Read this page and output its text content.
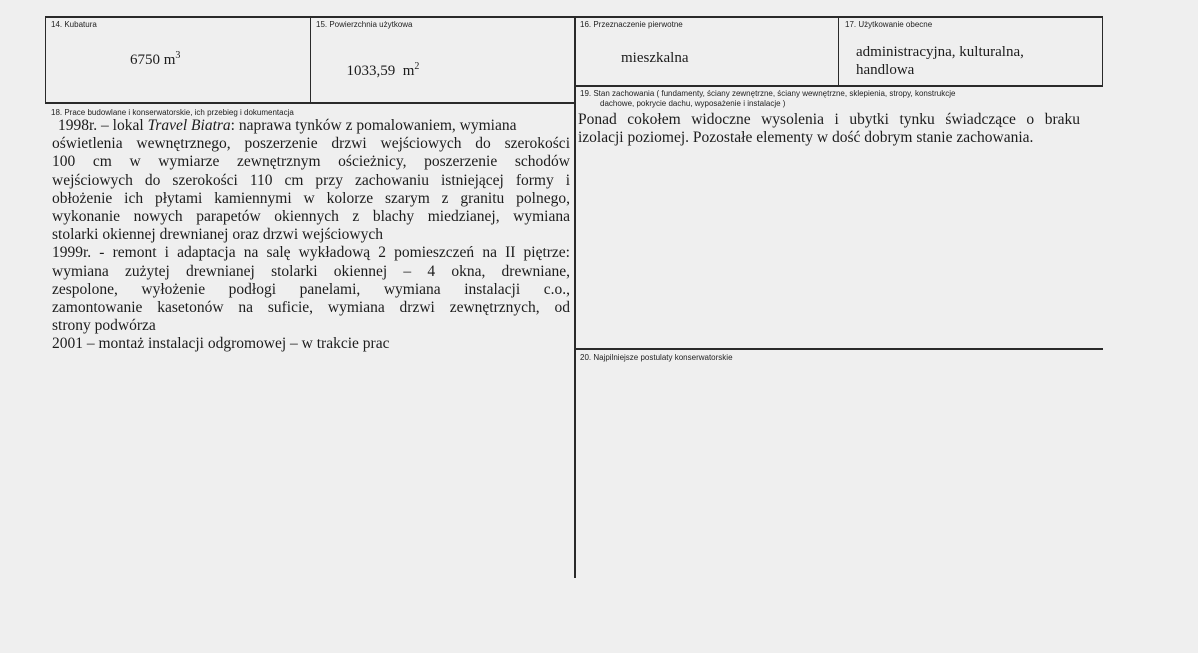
14. Kubatura
6750 $m^3$
15. Powierzchnia użytkowa

1033,59  $m^2$

16. Przeznaczenie pierwotne
mieszkalna
17. Użytkowanie obecne
administracyjna, kulturalna,
handlowa
18. Prace budowlane i konserwatorskie, ich przebieg i dokumentacja
1998r. – lokal Travel Biatra: naprawa tynków z pomalowaniem, wymiana
oświetlenia wewnętrznego, poszerzenie drzwi wejściowych do szerokości
100 cm w wymiarze zewnętrznym ościeżnicy, poszerzenie schodów
wejściowych do szerokości 110 cm przy zachowaniu istniejącej formy i
obłożenie ich płytami kamiennymi w kolorze szarym z granitu polnego,
wykonanie nowych parapetów okiennych z blachy miedzianej, wymiana
stolarki okiennej drewnianej oraz drzwi wejściowych
1999r. - remont i adaptacja na salę wykładową 2 pomieszczeń na II piętrze:
wymiana zużytej drewnianej stolarki okiennej – 4 okna, drewniane,
zespolone, wyłożenie podłogi panelami, wymiana instalacji c.o.,
zamontowanie kasetonów na suficie, wymiana drzwi zewnętrznych, od
strony podwórza
2001 – montaż instalacji odgromowej – w trakcie prac
19. Stan zachowania ( fundamenty, ściany zewnętrzne, ściany wewnętrzne, sklepienia, stropy, konstrukcje
dachowe, pokrycie dachu, wyposażenie i instalacje )
Ponad cokołem widoczne wysolenia i ubytki tynku świadczące o braku
izolacji poziomej. Pozostałe elementy w dość dobrym stanie zachowania.
20. Najpilniejsze postulaty konserwatorskie
